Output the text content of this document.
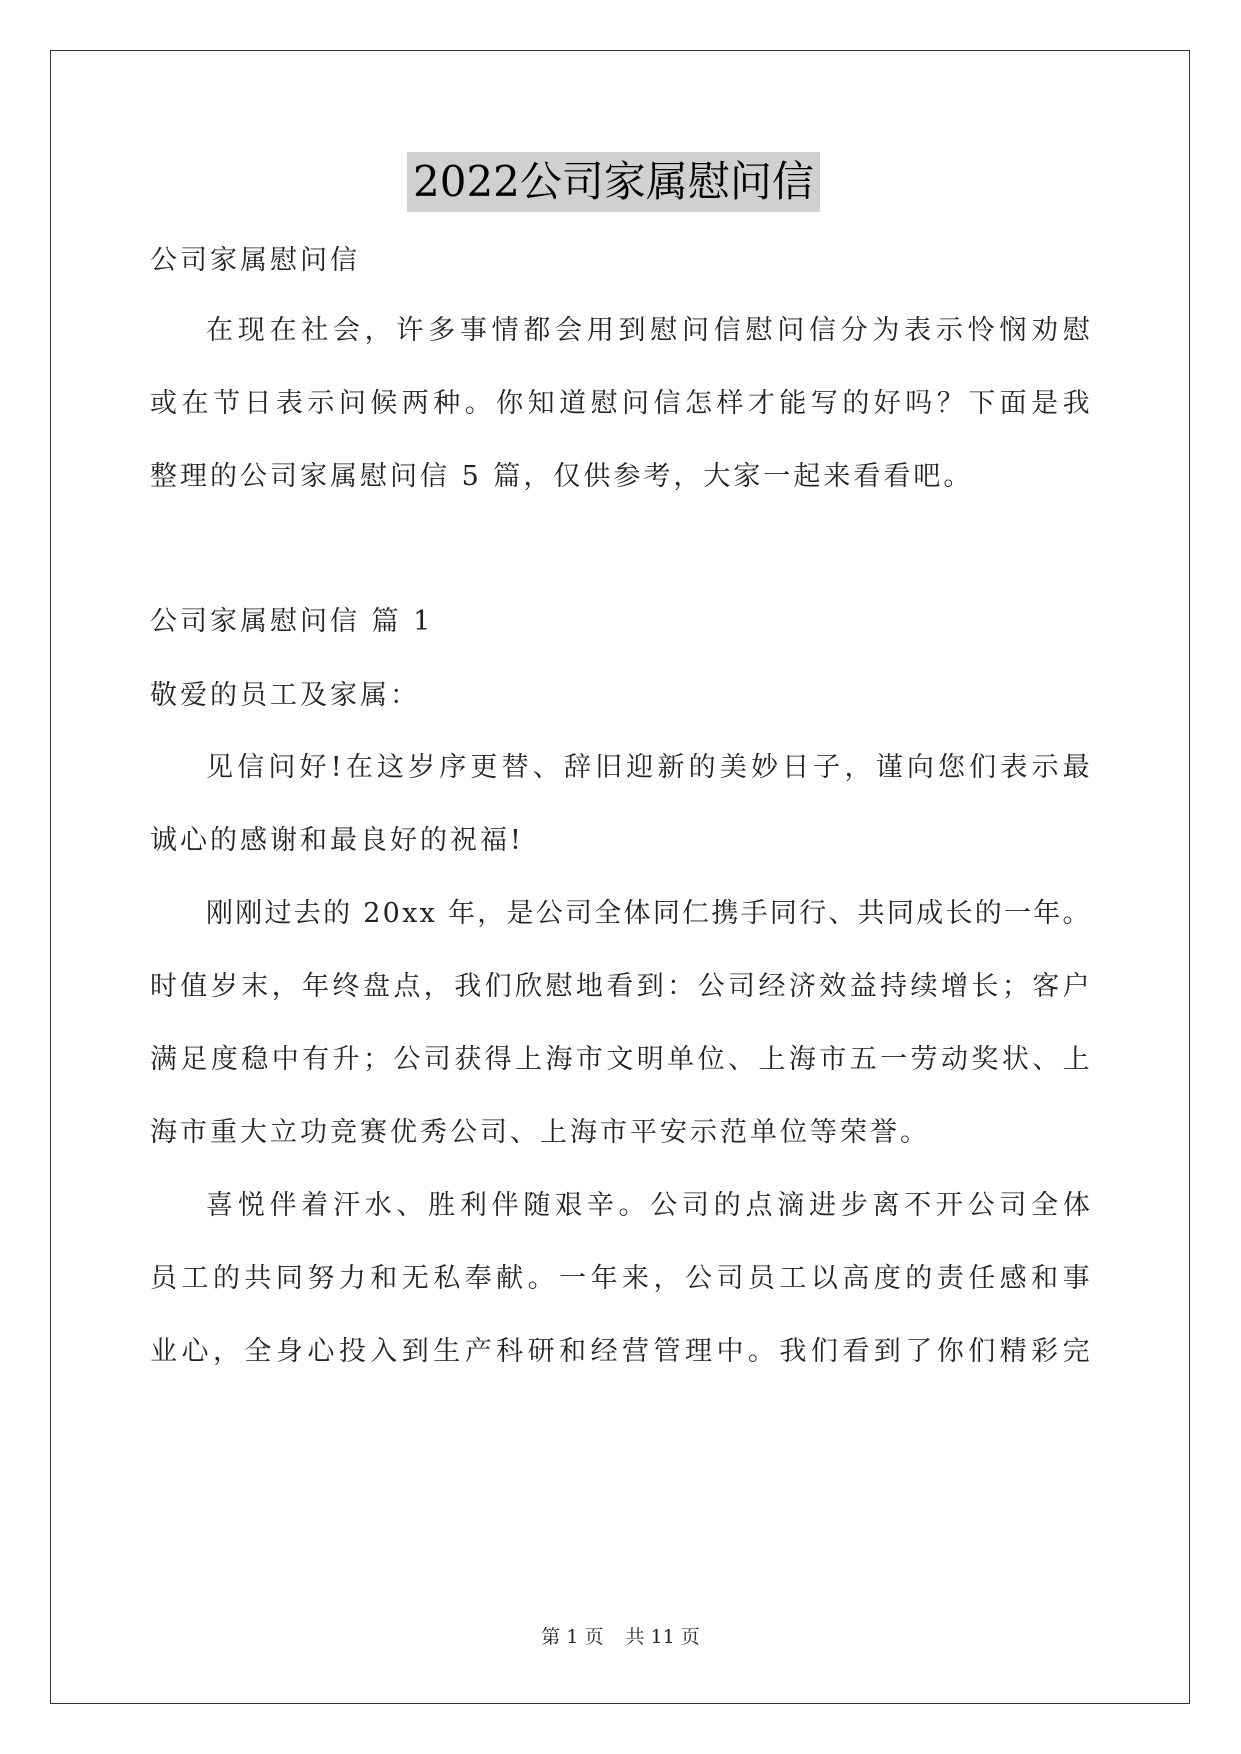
2022公司家属慰问信
公司家属慰问信
在 现 在 社 会 ， 许 多 事 情 都 会 用 到 慰 问 信 慰 问 信 分 为 表 示 怜 悯 劝 慰
或 在 节 日 表 示 问 候 两 种 。 你 知 道 慰 问 信 怎 样 才 能 写 的 好 吗 ？ 下 面 是 我
整理的公司家属慰问信 5 篇，仅供参考，大家一起来看看吧。
公司家属慰问信 篇 1
敬爱的员工及家属：
见 信 问 好 ! 在 这 岁 序 更 替 、 辞 旧 迎 新 的 美 妙 日 子 ， 谨 向 您 们 表 示 最
诚心的感谢和最良好的祝福!
刚 刚 过 去 的
2 0 x x
年 ， 是 公 司 全 体 同 仁 携 手 同 行 、 共 同 成 长 的 一 年 。
时 值 岁 末 ， 年 终 盘 点 ， 我 们 欣 慰 地 看 到 ： 公 司 经 济 效 益 持 续 增 长 ； 客 户
满 足 度 稳 中 有 升 ； 公 司 获 得 上 海 市 文 明 单 位 、 上 海 市 五 一 劳 动 奖 状 、 上
海市重大立功竞赛优秀公司、上海市平安示范单位等荣誉。
喜 悦 伴 着 汗 水 、 胜 利 伴 随 艰 辛 。 公 司 的 点 滴 进 步 离 不 开 公 司 全 体
员 工 的 共 同 努 力 和 无 私 奉 献 。 一 年 来 ， 公 司 员 工 以 高 度 的 责 任 感 和 事
业 心 ， 全 身 心 投 入 到 生 产 科 研 和 经 营 管 理 中 。 我 们 看 到 了 你 们 精 彩 完
第 1 页 共 11 页
